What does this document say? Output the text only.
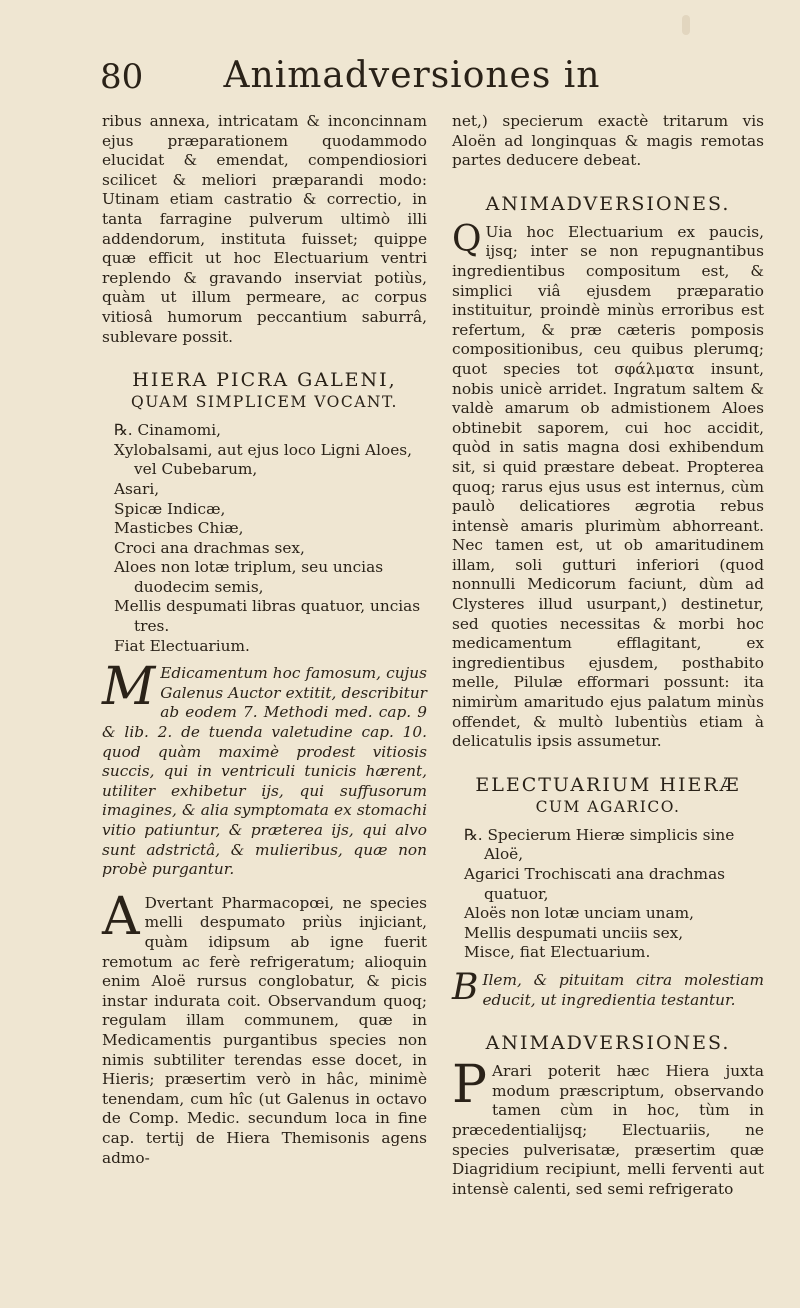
80	Animadversiones in

ribus annexa, intricatam & inconcinnam ejus præparationem quodammodo elucidat & emendat, compendiosiori scilicet & meliori præparandi modo: Utinam etiam castratio & correctio, in tanta farragine pulverum ultimò illi addendorum, instituta fuisset; quippe quæ efficit ut hoc Electuarium ventri replendo & gravando inserviat potiùs, quàm ut illum permeare, ac corpus vitiosâ humorum peccantium saburrâ, sublevare possit.

HIERA PICRA GALENI,
QUAM SIMPLICEM VOCANT.
℞. Cinamomi,
Xylobalsami, aut ejus loco Ligni Aloes, vel Cubebarum,
Asari,
Spicæ Indicæ,
Masticbes Chiæ,
Croci ana drachmas sex,
Aloes non lotæ triplum, seu uncias duodecim semis,
Mellis despumati libras quatuor, uncias tres.
Fiat Electuarium.

M Edicamentum hoc famosum, cujus Galenus Auctor extitit, describitur ab eodem 7. Methodi med. cap. 9 & lib. 2. de tuenda valetudine cap. 10. quod quàm maximè prodest vitiosis succis, qui in ventriculi tunicis hærent, utiliter exhibetur ijs, qui suffusorum imagines, & alia symptomata ex stomachi vitio patiuntur, & præterea ijs, qui alvo sunt adstrictâ, & mulieribus, quæ non probè purgantur.

A Dvertant Pharmacopœi, ne species melli despumato priùs injiciant, quàm idipsum ab igne fuerit remotum ac ferè refrigeratum; alioquin enim Aloë rursus conglobatur, & picis instar indurata coit. Observandum quoq; regulam illam communem, quæ in Medicamentis purgantibus species non nimis subtiliter terendas esse docet, in Hieris; præsertim verò in hâc, minimè tenendam, cum hîc (ut Galenus in octavo de Comp. Medic. secundum loca in fine cap. tertij de Hiera Themisonis agens admo-

net,) specierum exactè tritarum vis Aloën ad longinquas & magis remotas partes deducere debeat.

ANIMADVERSIONES.

Q Uia hoc Electuarium ex paucis, ijsq; inter se non repugnantibus ingredientibus compositum est, & simplici viâ ejusdem præparatio instituitur, proindè minùs erroribus est refertum, & præ cæteris pomposis compositionibus, ceu quibus plerumq; quot species tot σφάλματα insunt, nobis unicè arridet. Ingratum saltem & valdè amarum ob admistionem Aloes obtinebit saporem, cui hoc accidit, quòd in satis magna dosi exhibendum sit, si quid præstare debeat. Propterea quoq; rarus ejus usus est internus, cùm paulò delicatiores ægrotia rebus intensè amaris plurimùm abhorreant. Nec tamen est, ut ob amaritudinem illam, soli gutturi inferiori (quod nonnulli Medicorum faciunt, dùm ad Clysteres illud usurpant,) destinetur, sed quoties necessitas & morbi hoc medicamentum efflagitant, ex ingredientibus ejusdem, posthabito melle, Pilulæ efformari possunt: ita nimirùm amaritudo ejus palatum minùs offendet, & multò lubentiùs etiam à delicatulis ipsis assumetur.

ELECTUARIUM HIERÆ
CUM AGARICO.
℞. Specierum Hieræ simplicis sine Aloë,
Agarici Trochiscati ana drachmas quatuor,
Aloës non lotæ unciam unam,
Mellis despumati unciis sex,
Misce, fiat Electuarium.

B Ilem, & pituitam citra molestiam educit, ut ingredientia testantur.

ANIMADVERSIONES.

P Arari poterit hæc Hiera juxta modum præscriptum, observando tamen cùm in hoc, tùm in præcedentialijsq; Electuariis, ne species pulverisatæ, præsertim quæ Diagridium recipiunt, melli ferventi aut intensè calenti, sed semi refrigerato
